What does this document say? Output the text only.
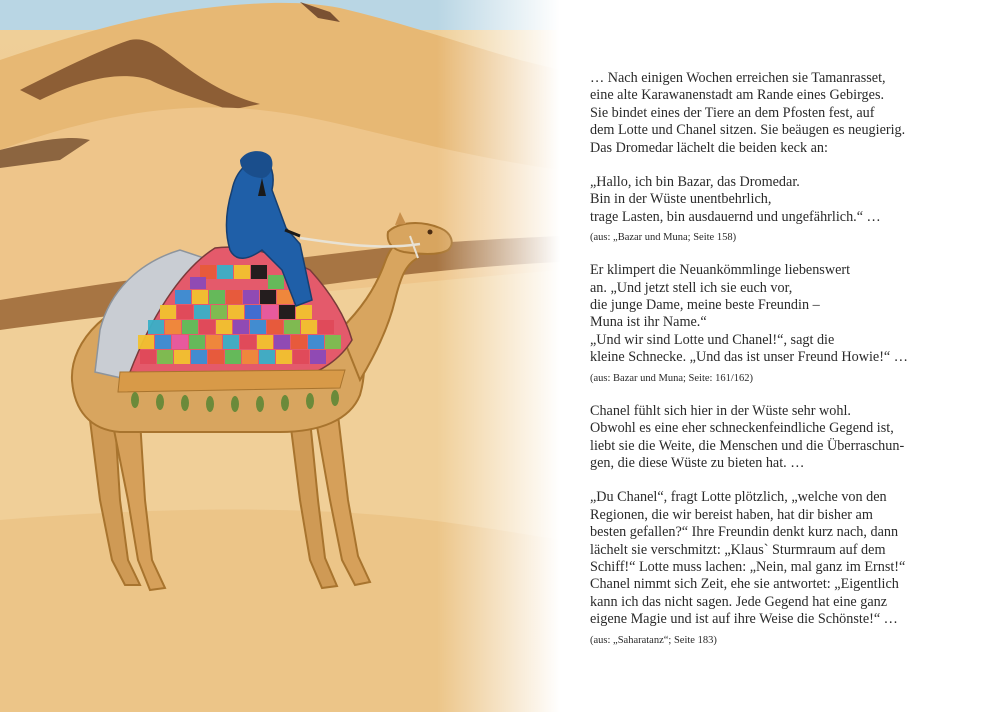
… Nach einigen Wochen erreichen sie Tamanrasset,
eine alte Karawanenstadt am Rande eines Gebirges.
Sie bindet eines der Tiere an dem Pfosten fest, auf
dem Lotte und Chanel sitzen. Sie beäugen es neugierig.
Das Dromedar lächelt die beiden keck an:
„Hallo, ich bin Bazar, das Dromedar.
Bin in der Wüste unentbehrlich,
trage Lasten, bin ausdauernd und ungefährlich.“ …
(aus: „Bazar und Muna; Seite 158)
Er klimpert die Neuankömmlinge liebenswert
an. „Und jetzt stell ich sie euch vor,
die junge Dame, meine beste Freundin –
Muna ist ihr Name.“
„Und wir sind Lotte und Chanel!“, sagt die
kleine Schnecke. „Und das ist unser Freund Howie!“ …
(aus: Bazar und Muna; Seite: 161/162)
Chanel fühlt sich hier in der Wüste sehr wohl.
Obwohl es eine eher schneckenfeindliche Gegend ist,
liebt sie die Weite, die Menschen und die Überraschun-
gen, die diese Wüste zu bieten hat. …
„Du Chanel“, fragt Lotte plötzlich, „welche von den
Regionen, die wir bereist haben, hat dir bisher am
besten gefallen?“ Ihre Freundin denkt kurz nach, dann
lächelt sie verschmitzt: „Klaus` Sturmraum auf dem
Schiff!“ Lotte muss lachen: „Nein, mal ganz im Ernst!“
Chanel nimmt sich Zeit, ehe sie antwortet: „Eigentlich
kann ich das nicht sagen. Jede Gegend hat eine ganz
eigene Magie und ist auf ihre Weise die Schönste!“ …
(aus: „Saharatanz“; Seite 183)
